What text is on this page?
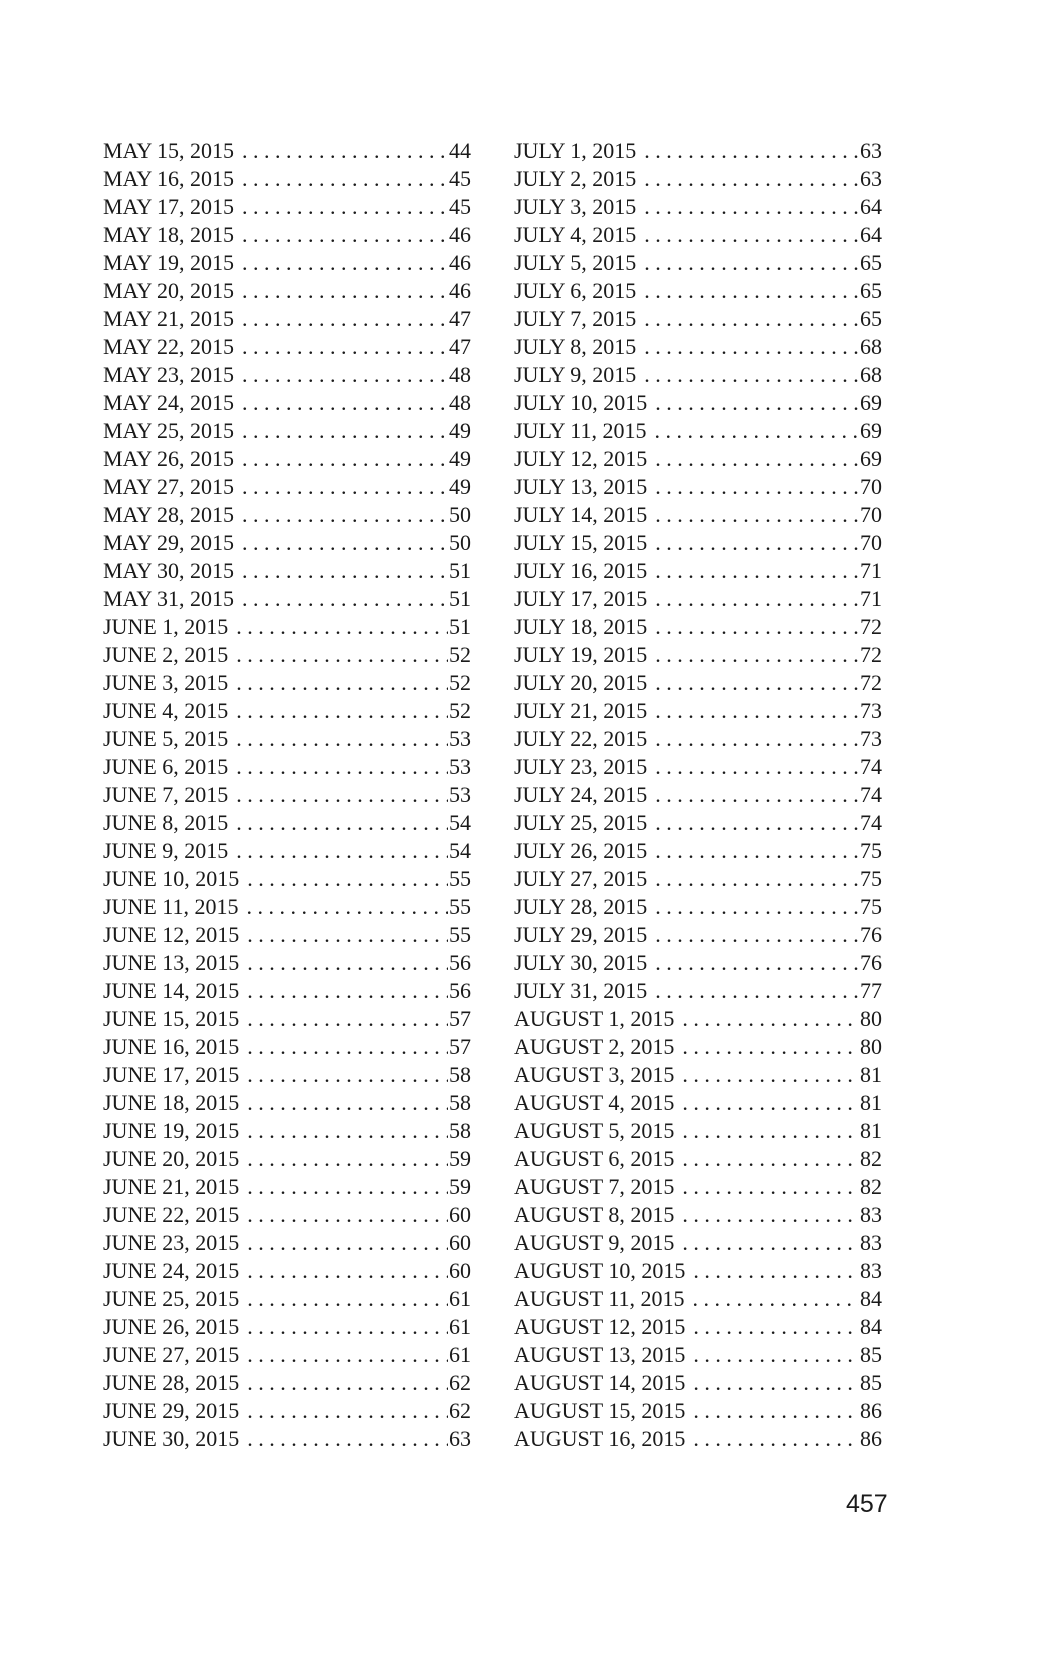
MAY 15, 2015 . . .	44
MAY 16, 2015 . . .	45
MAY 17, 2015 . . .	45
MAY 18, 2015 . . .	46
MAY 19, 2015 . . .	46
MAY 20, 2015 . . .	46
MAY 21, 2015 . . .	47
MAY 22, 2015 . . .	47
MAY 23, 2015 . . .	48
MAY 24, 2015 . . .	48
MAY 25, 2015 . . .	49
MAY 26, 2015 . . .	49
MAY 27, 2015 . . .	49
MAY 28, 2015 . . .	50
MAY 29, 2015 . . .	50
MAY 30, 2015 . . .	51
MAY 31, 2015 . . .	51
JUNE 1, 2015 . . .	51
JUNE 2, 2015 . . .	52
JUNE 3, 2015 . . .	52
JUNE 4, 2015 . . .	52
JUNE 5, 2015 . . .	53
JUNE 6, 2015 . . .	53
JUNE 7, 2015 . . .	53
JUNE 8, 2015 . . .	54
JUNE 9, 2015 . . .	54
JUNE 10, 2015 . . .	55
JUNE 11, 2015 . . .	55
JUNE 12, 2015 . . .	55
JUNE 13, 2015 . . .	56
JUNE 14, 2015 . . .	56
JUNE 15, 2015 . . .	57
JUNE 16, 2015 . . .	57
JUNE 17, 2015 . . .	58
JUNE 18, 2015 . . .	58
JUNE 19, 2015 . . .	58
JUNE 20, 2015 . . .	59
JUNE 21, 2015 . . .	59
JUNE 22, 2015 . . .	60
JUNE 23, 2015 . . .	60
JUNE 24, 2015 . . .	60
JUNE 25, 2015 . . .	61
JUNE 26, 2015 . . .	61
JUNE 27, 2015 . . .	61
JUNE 28, 2015 . . .	62
JUNE 29, 2015 . . .	62
JUNE 30, 2015 . . .	63
JULY 1, 2015 . . .	63
JULY 2, 2015 . . .	63
JULY 3, 2015 . . .	64
JULY 4, 2015 . . .	64
JULY 5, 2015 . . .	65
JULY 6, 2015 . . .	65
JULY 7, 2015 . . .	65
JULY 8, 2015 . . .	68
JULY 9, 2015 . . .	68
JULY 10, 2015 . . .	69
JULY 11, 2015 . . .	69
JULY 12, 2015 . . .	69
JULY 13, 2015 . . .	70
JULY 14, 2015 . . .	70
JULY 15, 2015 . . .	70
JULY 16, 2015 . . .	71
JULY 17, 2015 . . .	71
JULY 18, 2015 . . .	72
JULY 19, 2015 . . .	72
JULY 20, 2015 . . .	72
JULY 21, 2015 . . .	73
JULY 22, 2015 . . .	73
JULY 23, 2015 . . .	74
JULY 24, 2015 . . .	74
JULY 25, 2015 . . .	74
JULY 26, 2015 . . .	75
JULY 27, 2015 . . .	75
JULY 28, 2015 . . .	75
JULY 29, 2015 . . .	76
JULY 30, 2015 . . .	76
JULY 31, 2015 . . .	77
AUGUST 1, 2015 . . .	80
AUGUST 2, 2015 . . .	80
AUGUST 3, 2015 . . .	81
AUGUST 4, 2015 . . .	81
AUGUST 5, 2015 . . .	81
AUGUST 6, 2015 . . .	82
AUGUST 7, 2015 . . .	82
AUGUST 8, 2015 . . .	83
AUGUST 9, 2015 . . .	83
AUGUST 10, 2015 . . .	83
AUGUST 11, 2015 . . .	84
AUGUST 12, 2015 . . .	84
AUGUST 13, 2015 . . .	85
AUGUST 14, 2015 . . .	85
AUGUST 15, 2015 . . .	86
AUGUST 16, 2015 . . .	86
457
